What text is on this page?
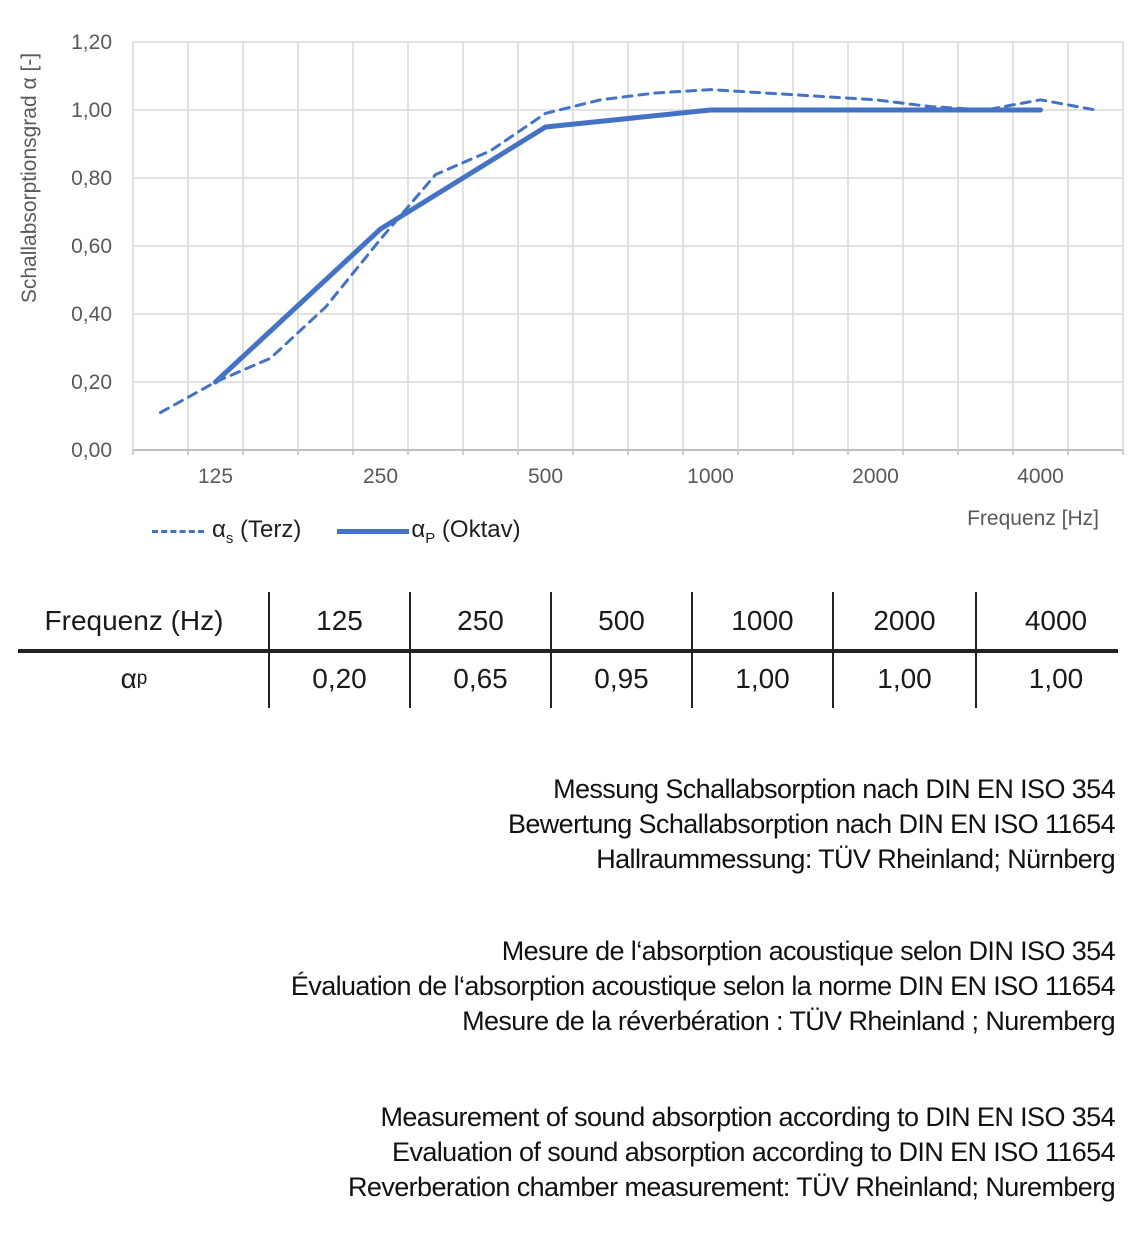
0,00
0,20
0,40
0,60
0,80
1,00
1,20
125	250	500	1000	2000	4000
Schallabsorptionsgrad α [-]
Frequenz [Hz]
$\alpha_s$ (Terz)	$\alpha_P$ (Oktav)
Frequenz (Hz)	125	250	500	1000	2000	4000
α p	0,20	0,65	0,95	1,00	1,00	1,00
Messung Schallabsorption nach DIN EN ISO 354
Bewertung Schallabsorption nach DIN EN ISO 11654
Hallraummessung: TÜV Rheinland; Nürnberg
Mesure de l‘absorption acoustique selon DIN ISO 354
Évaluation de l‘absorption acoustique selon la norme DIN EN ISO 11654
Mesure de la réverbération : TÜV Rheinland ; Nuremberg
Measurement of sound absorption according to DIN EN ISO 354
Evaluation of sound absorption according to DIN EN ISO 11654
Reverberation chamber measurement: TÜV Rheinland; Nuremberg
